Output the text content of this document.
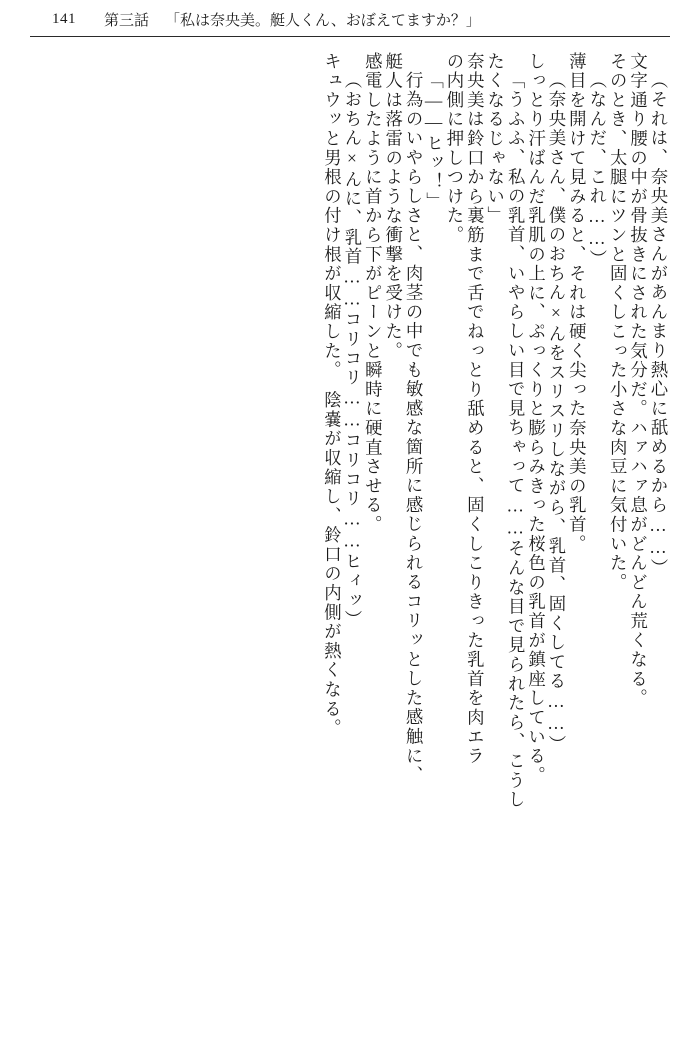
141 第三話 「私は奈央美。艇人くん、おぼえてますか？」
（それは、奈央美さんがあんまり熱心に舐めるから……）
文字通り腰の中が骨抜きにされた気分だ。ハァハァ息がどんどん荒くなる。
そのとき、太腿にツンと固くしこった小さな肉豆に気付いた。
（なんだ、これ……）
薄目を開けて見みると、それは硬く尖った奈央美の乳首。
（奈央美さん、僕のおちん×んをスリスリしながら、乳首、固くしてる……）
しっとり汗ばんだ乳肌の上に、ぷっくりと膨らみきった桜色の乳首が鎮座している。
「うふふ、私の乳首、いやらしい目で見ちゃって……そんな目で見られたら、こうし
たくなるじゃない」
奈央美は鈴口から裏筋まで舌でねっとり舐めると、固くしこりきった乳首を肉エラ
の内側に押しつけた。
「——ヒッ！」
行為のいやらしさと、肉茎の中でも敏感な箇所に感じられるコリッとした感触に、
艇人は落雷のような衝撃を受けた。
感電したように首から下がピーンと瞬時に硬直させる。
（おちん×んに、乳首……コリコリ……コリコリ……ヒィッ）
キュウッと男根の付け根が収縮した。　陰嚢が収縮し、鈴口の内側が熱くなる。
